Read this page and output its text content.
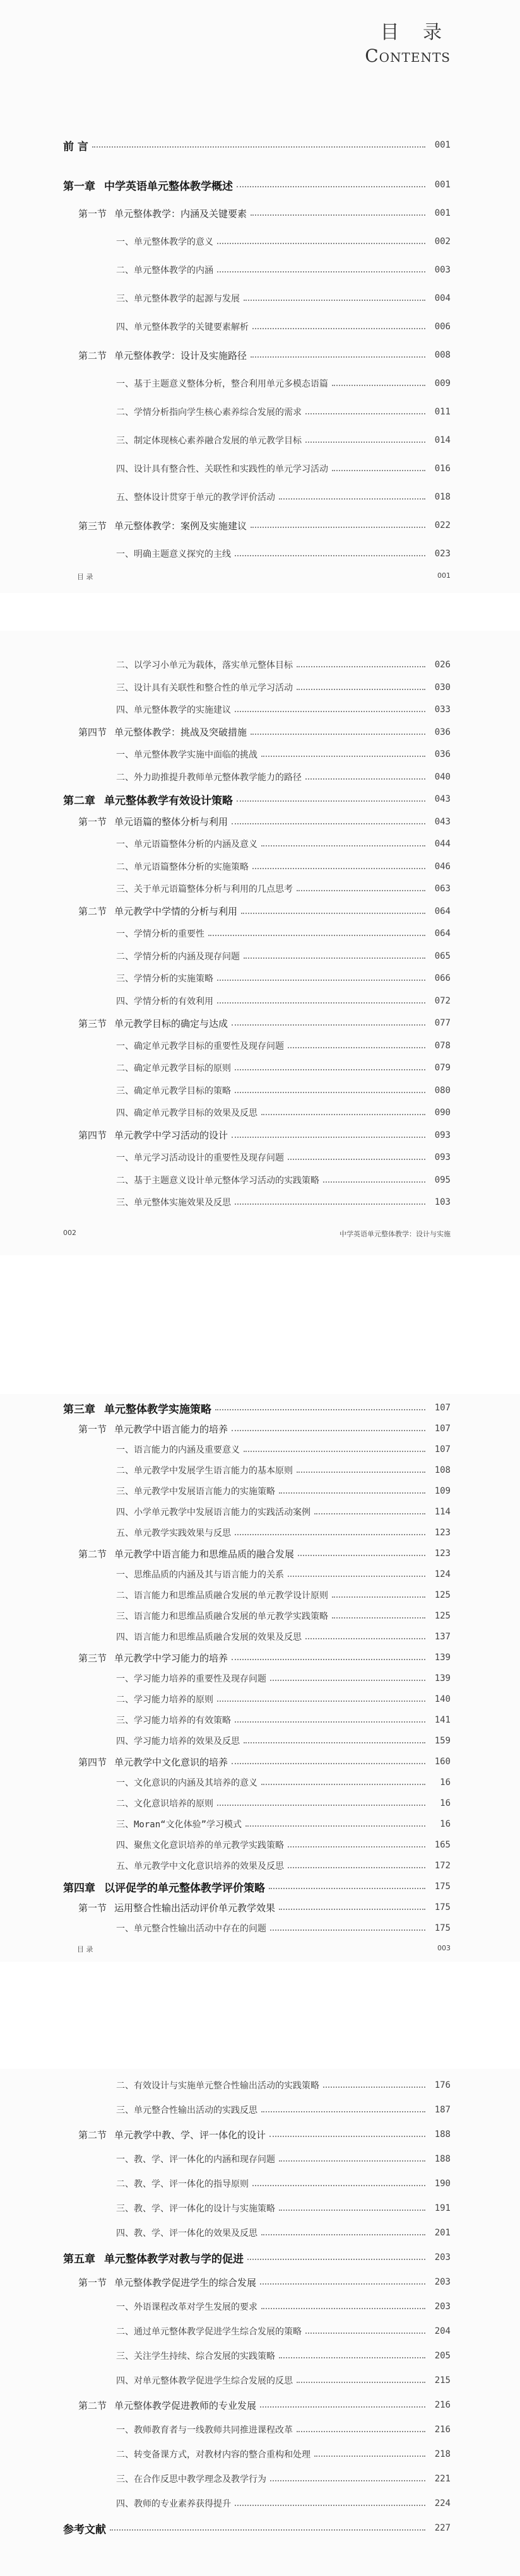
目 录
Contents
前 言	001
第一章 中学英语单元整体教学概述	001
第一节 单元整体教学：内涵及关键要素	001
一、单元整体教学的意义	002
二、单元整体教学的内涵	003
三、单元整体教学的起源与发展	004
四、单元整体教学的关键要素解析	006
第二节 单元整体教学：设计及实施路径	008
一、基于主题意义整体分析，整合利用单元多模态语篇	009
二、学情分析指向学生核心素养综合发展的需求	011
三、制定体现核心素养融合发展的单元教学目标	014
四、设计具有整合性、关联性和实践性的单元学习活动	016
五、整体设计贯穿于单元的教学评价活动	018
第三节 单元整体教学：案例及实施建议	022
一、明确主题意义探究的主线	023
目 录	001
二、以学习小单元为载体，落实单元整体目标	026
三、设计具有关联性和整合性的单元学习活动	030
四、单元整体教学的实施建议	033
第四节 单元整体教学：挑战及突破措施	036
一、单元整体教学实施中面临的挑战	036
二、外力助推提升教师单元整体教学能力的路径	040
第二章 单元整体教学有效设计策略	043
第一节 单元语篇的整体分析与利用	043
一、单元语篇整体分析的内涵及意义	044
二、单元语篇整体分析的实施策略	046
三、关于单元语篇整体分析与利用的几点思考	063
第二节 单元教学中学情的分析与利用	064
一、学情分析的重要性	064
二、学情分析的内涵及现存问题	065
三、学情分析的实施策略	066
四、学情分析的有效利用	072
第三节 单元教学目标的确定与达成	077
一、确定单元教学目标的重要性及现存问题	078
二、确定单元教学目标的原则	079
三、确定单元教学目标的策略	080
四、确定单元教学目标的效果及反思	090
第四节 单元教学中学习活动的设计	093
一、单元学习活动设计的重要性及现存问题	093
二、基于主题意义设计单元整体学习活动的实践策略	095
三、单元整体实施效果及反思	103
002	中学英语单元整体教学：设计与实施
第三章 单元整体教学实施策略	107
第一节 单元教学中语言能力的培养	107
一、语言能力的内涵及重要意义	107
二、单元教学中发展学生语言能力的基本原则	108
三、单元教学中发展语言能力的实施策略	109
四、小学单元教学中发展语言能力的实践活动案例	114
五、单元教学实践效果与反思	123
第二节 单元教学中语言能力和思维品质的融合发展	123
一、思维品质的内涵及其与语言能力的关系	124
二、语言能力和思维品质融合发展的单元教学设计原则	125
三、语言能力和思维品质融合发展的单元教学实践策略	125
四、语言能力和思维品质融合发展的效果及反思	137
第三节 单元教学中学习能力的培养	139
一、学习能力培养的重要性及现存问题	139
二、学习能力培养的原则	140
三、学习能力培养的有效策略	141
四、学习能力培养的效果及反思	159
第四节 单元教学中文化意识的培养	160
一、文化意识的内涵及其培养的意义	16
二、文化意识培养的原则	16
三、Moran“文化体验”学习模式	16
四、聚焦文化意识培养的单元教学实践策略	165
五、单元教学中文化意识培养的效果及反思	172
第四章 以评促学的单元整体教学评价策略	175
第一节 运用整合性输出活动评价单元教学效果	175
一、单元整合性输出活动中存在的问题	175
目 录	003
二、有效设计与实施单元整合性输出活动的实践策略	176
三、单元整合性输出活动的实践反思	187
第二节 单元教学中教、学、评一体化的设计	188
一、教、学、评一体化的内涵和现存问题	188
二、教、学、评一体化的指导原则	190
三、教、学、评一体化的设计与实施策略	191
四、教、学、评一体化的效果及反思	201
第五章 单元整体教学对教与学的促进	203
第一节 单元整体教学促进学生的综合发展	203
一、外语课程改革对学生发展的要求	203
二、通过单元整体教学促进学生综合发展的策略	204
三、关注学生持续、综合发展的实践策略	205
四、对单元整体教学促进学生综合发展的反思	215
第二节 单元整体教学促进教师的专业发展	216
一、教师教育者与一线教师共同推进课程改革	216
二、转变备课方式，对教材内容的整合重构和处理	218
三、在合作反思中教学理念及教学行为	221
四、教师的专业素养获得提升	224
参考文献	227
